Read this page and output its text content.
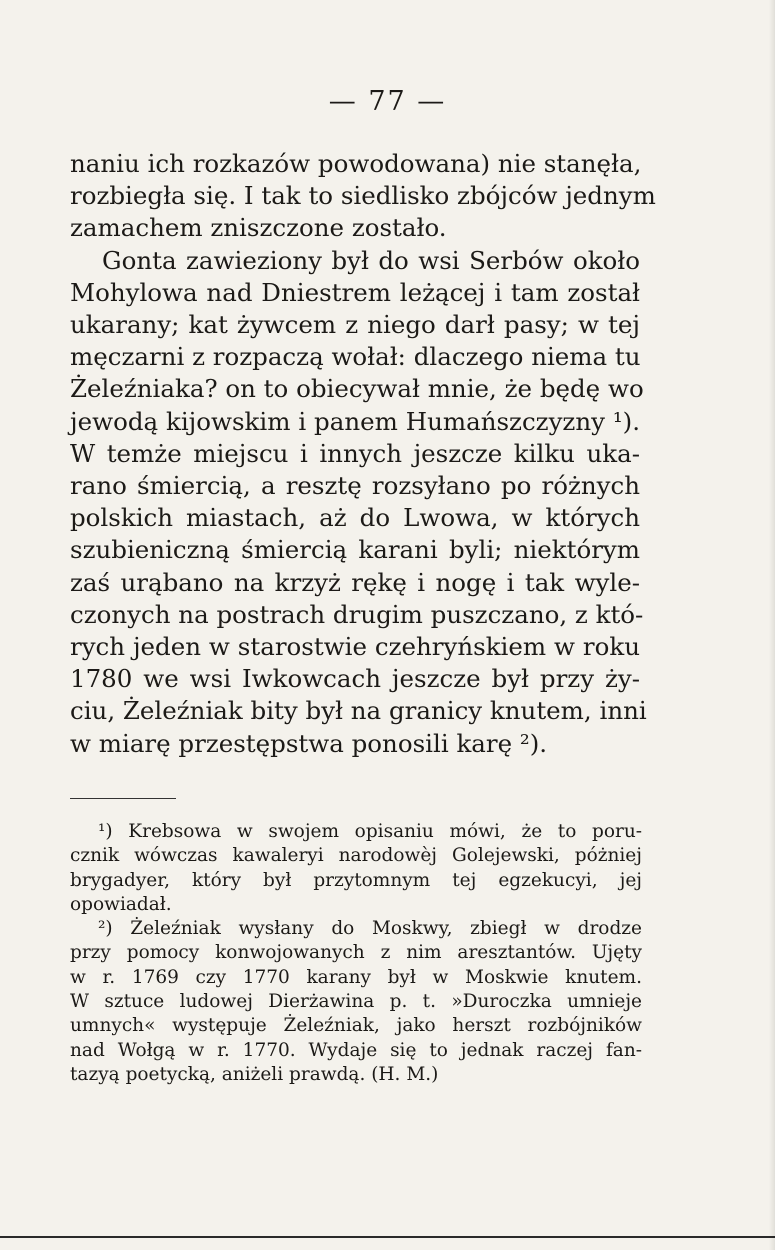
— 77 —
naniu ich rozkazów powodowana) nie stanęła,
rozbiegła się. I tak to siedlisko zbójców jednym
zamachem zniszczone zostało.
Gonta zawieziony był do wsi Serbów około
Mohylowa nad Dniestrem leżącej i tam został
ukarany; kat żywcem z niego darł pasy; w tej
męczarni z rozpaczą wołał: dlaczego niema tu
Żeleźniaka? on to obiecywał mnie, że będę wo
jewodą kijowskim i panem Humańszczyzny ¹).
W temże miejscu i innych jeszcze kilku uka-
rano śmiercią, a resztę rozsyłano po różnych
polskich miastach, aż do Lwowa, w których
szubieniczną śmiercią karani byli; niektórym
zaś urąbano na krzyż rękę i nogę i tak wyle-
czonych na postrach drugim puszczano, z któ-
rych jeden w starostwie czehryńskiem w roku
1780 we wsi Iwkowcach jeszcze był przy ży-
ciu, Żeleźniak bity był na granicy knutem, inni
w miarę przestępstwa ponosili karę ²).
¹) Krebsowa w swojem opisaniu mówi, że to poru-
cznik wówczas kawaleryi narodowèj Golejewski, póżniej
brygadyer, który był przytomnym tej egzekucyi, jej
opowiadał.
²) Żeleźniak wysłany do Moskwy, zbiegł w drodze
przy pomocy konwojowanych z nim aresztantów. Ujęty
w r. 1769 czy 1770 karany był w Moskwie knutem.
W sztuce ludowej Dierżawina p. t. »Duroczka umnieje
umnych« występuje Żeleźniak, jako herszt rozbójników
nad Wołgą w r. 1770. Wydaje się to jednak raczej fan-
tazyą poetycką, aniżeli prawdą. (H. M.)
